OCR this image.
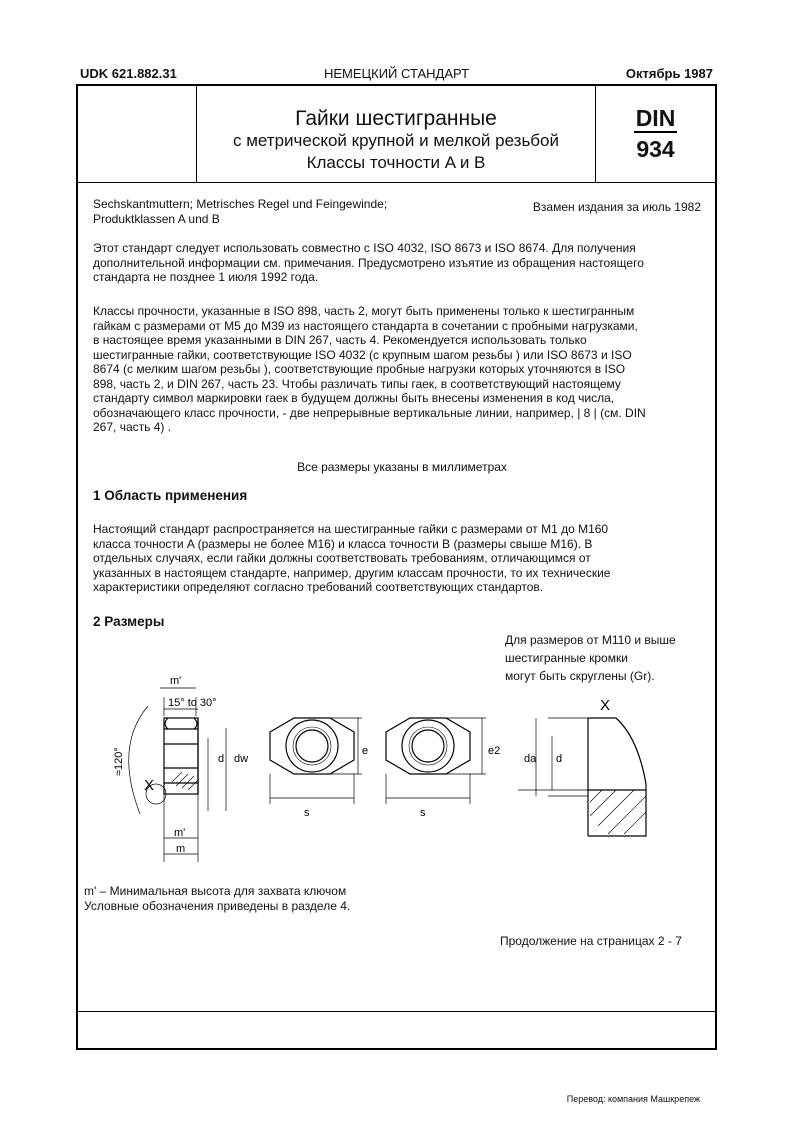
UDK 621.882.31	НЕМЕЦКИЙ СТАНДАРТ	Октябрь 1987
Гайки шестигранные
с метрической крупной и мелкой резьбой
Классы точности A и B
DIN
934
Sechskantmuttern; Metrisches Regel und Feingewinde;
Produktklassen A und B
Взамен издания за июль 1982
Этот стандарт следует использовать совместно с ISO 4032, ISO 8673 и ISO 8674. Для получения
дополнительной информации см. примечания. Предусмотрено изъятие из обращения настоящего
стандарта не позднее 1 июля 1992 года.
Классы прочности, указанные в ISO 898, часть 2, могут быть применены только к шестигранным
гайкам с размерами от M5 до M39 из настоящего стандарта в сочетании с пробными нагрузками,
в настоящее время указанными в DIN 267, часть 4. Рекомендуется использовать только
шестигранные гайки, соответствующие ISO 4032 (с крупным шагом резьбы ) или ISO 8673 и ISO
8674 (с мелким шагом резьбы ), соответствующие пробные нагрузки которых уточняются в ISO
898, часть 2, и DIN 267, часть 23. Чтобы различать типы гаек, в соответствующий настоящему
стандарту символ маркировки гаек в будущем должны быть внесены изменения в код числа,
обозначающего класс прочности, - две непрерывные вертикальные линии, например, | 8 | (см. DIN
267, часть 4) .
Все размеры указаны в миллиметрах
1 Область применения
Настоящий стандарт распространяется на шестигранные гайки с размерами от M1 до M160
класса точности A (размеры не более M16) и класса точности B (размеры свыше M16). В
отдельных случаях, если гайки должны соответствовать требованиям, отличающимся от
указанных в настоящем стандарте, например, другим классам прочности, то их технические
характеристики определяют согласно требований соответствующих стандартов.
2 Размеры
Для размеров от M110 и выше
шестигранные кромки
могут быть скруглены (Gr).
m'
15° to 30°
≈120°
X
d dw
m'
m
e
s
e2
s
X
da d
m' – Минимальная высота для захвата ключом
Условные обозначения приведены в разделе 4.
Продолжение на страницах 2 - 7
Перевод: компания Машкрепеж
